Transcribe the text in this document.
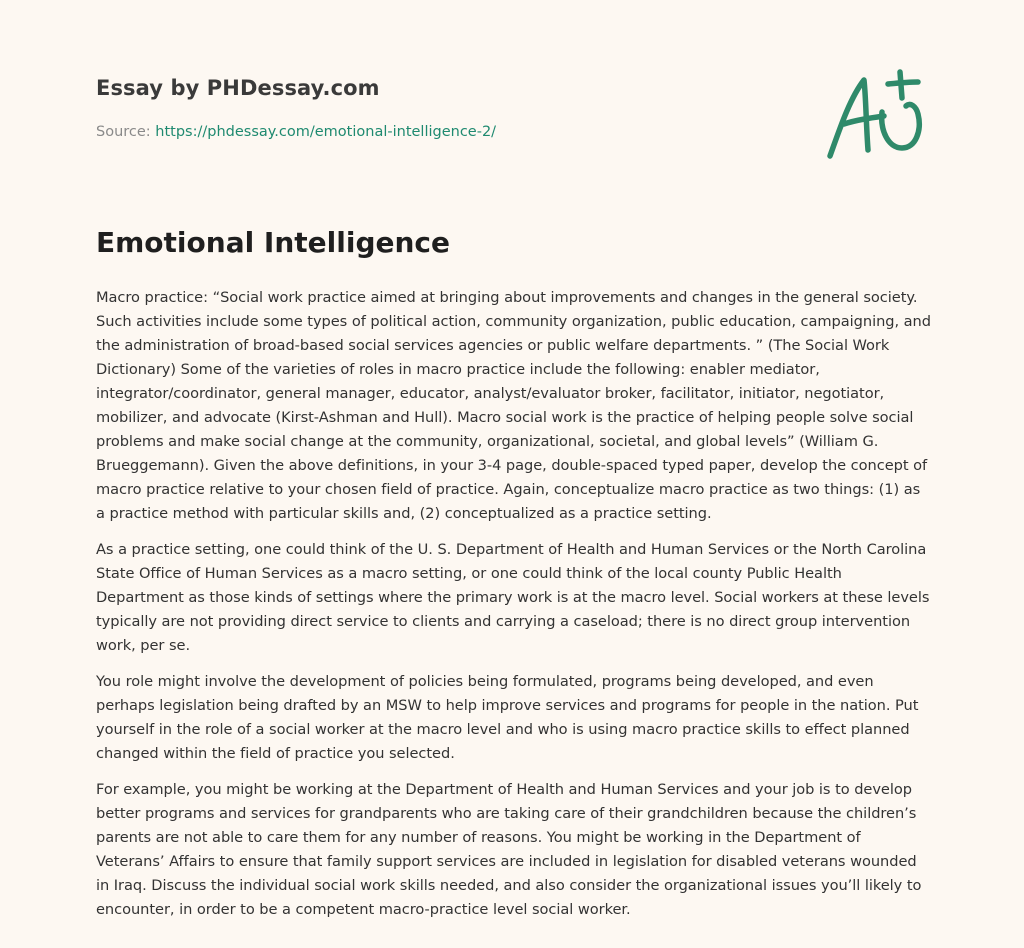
Essay by PHDessay.com
Source: https://phdessay.com/emotional-intelligence-2/
Emotional Intelligence

Macro practice: “Social work practice aimed at bringing about improvements and changes in the general society. Such activities include some types of political action, community organization, public education, campaigning, and the administration of broad-based social services agencies or public welfare departments. ” (The Social Work Dictionary) Some of the varieties of roles in macro practice include the following: enabler mediator, integrator/coordinator, general manager, educator, analyst/evaluator broker, facilitator, initiator, negotiator, mobilizer, and advocate (Kirst-Ashman and Hull). Macro social work is the practice of helping people solve social problems and make social change at the community, organizational, societal, and global levels” (William G. Brueggemann). Given the above definitions, in your 3-4 page, double-spaced typed paper, develop the concept of macro practice relative to your chosen field of practice. Again, conceptualize macro practice as two things: (1) as a practice method with particular skills and, (2) conceptualized as a practice setting.

As a practice setting, one could think of the U. S. Department of Health and Human Services or the North Carolina State Office of Human Services as a macro setting, or one could think of the local county Public Health Department as those kinds of settings where the primary work is at the macro level. Social workers at these levels typically are not providing direct service to clients and carrying a caseload; there is no direct group intervention work, per se.

You role might involve the development of policies being formulated, programs being developed, and even perhaps legislation being drafted by an MSW to help improve services and programs for people in the nation. Put yourself in the role of a social worker at the macro level and who is using macro practice skills to effect planned changed within the field of practice you selected.

For example, you might be working at the Department of Health and Human Services and your job is to develop better programs and services for grandparents who are taking care of their grandchildren because the children’s parents are not able to care them for any number of reasons. You might be working in the Department of Veterans’ Affairs to ensure that family support services are included in legislation for disabled veterans wounded in Iraq. Discuss the individual social work skills needed, and also consider the organizational issues you’ll likely to encounter, in order to be a competent macro-practice level social worker.
